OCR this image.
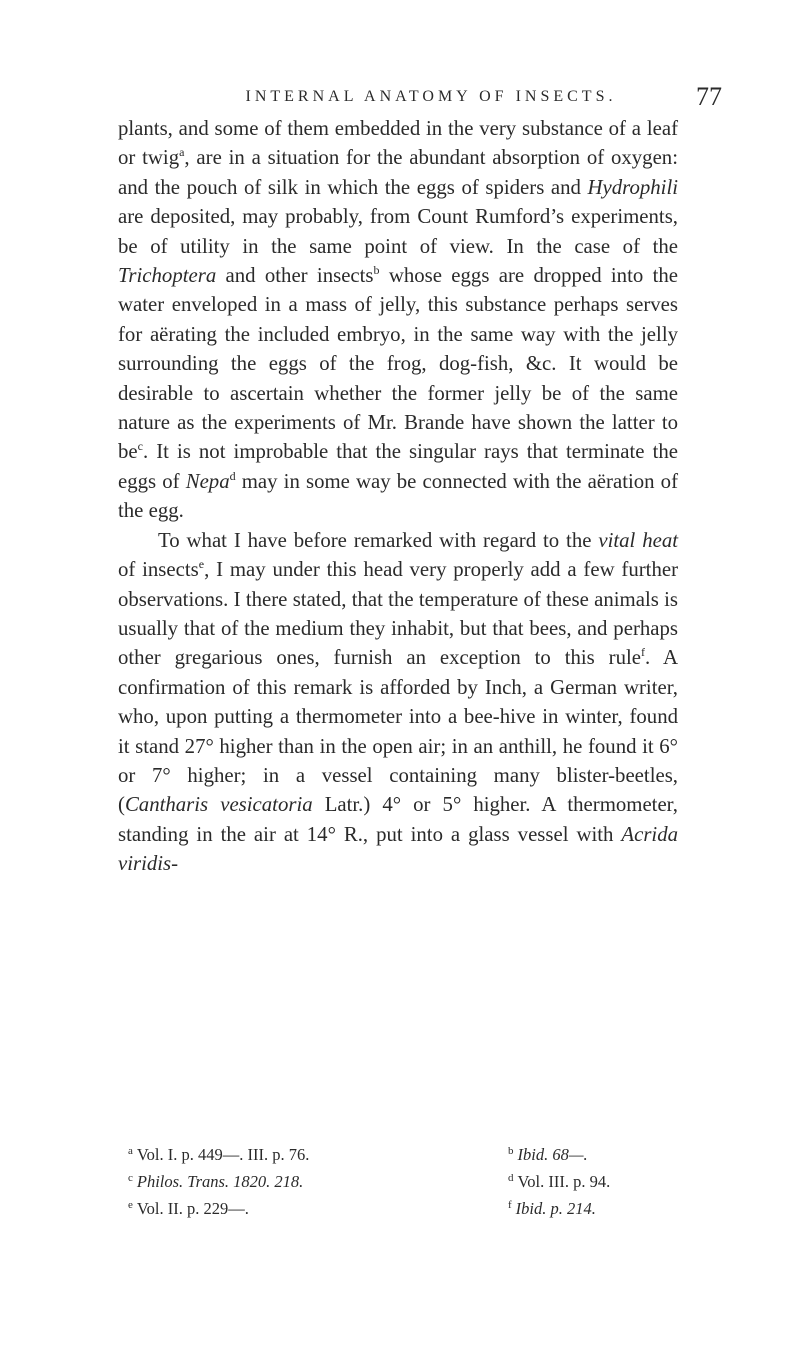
INTERNAL ANATOMY OF INSECTS.	77

plants, and some of them embedded in the very substance of a leaf or twig$^a$, are in a situation for the abundant absorption of oxygen: and the pouch of silk in which the eggs of spiders and Hydrophili are deposited, may probably, from Count Rumford’s experiments, be of utility in the same point of view. In the case of the Trichoptera and other insects$^b$ whose eggs are dropped into the water enveloped in a mass of jelly, this substance perhaps serves for aërating the included embryo, in the same way with the jelly surrounding the eggs of the frog, dog-fish, &c. It would be desirable to ascertain whether the former jelly be of the same nature as the experiments of Mr. Brande have shown the latter to $be^c$. It is not improbable that the singular rays that terminate the eggs of Nepa$^d$ may in some way be connected with the aëration of the egg.

To what I have before remarked with regard to the vital heat of insects$^e$, I may under this head very properly add a few further observations. I there stated, that the temperature of these animals is usually that of the medium they inhabit, but that bees, and perhaps other gregarious ones, furnish an exception to this rule$^f$. A confirmation of this remark is afforded by Inch, a German writer, who, upon putting a thermometer into a bee-hive in winter, found it stand 27° higher than in the open air; in an anthill, he found it 6° or 7° higher; in a vessel containing many blister-beetles, (Cantharis vesicatoria Latr.) 4° or 5° higher. A thermometer, standing in the air at 14° R., put into a glass vessel with Acrida viridis-

$^a$ Vol. I. p. 449—. III. p. 76.	$^b$ Ibid. 68—.
$^c$ Philos. Trans. 1820. 218.	$^d$ Vol. III. p. 94.
$^e$ Vol. II. p. 229—.	$^f$ Ibid. p. 214.
